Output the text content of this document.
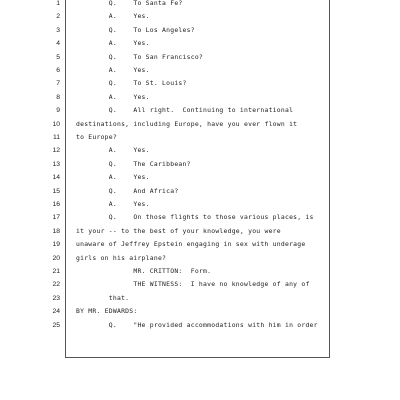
1	Q.    To Santa Fe?
2	A.    Yes.
3	Q.    To Los Angeles?
4	A.    Yes.
5	Q.    To San Francisco?
6	A.    Yes.
7	Q.    To St. Louis?
8	A.    Yes.
9	Q.    All right.  Continuing to international
10	destinations, including Europe, have you ever flown it
11	to Europe?
12	A.    Yes.
13	Q.    The Caribbean?
14	A.    Yes.
15	Q.    And Africa?
16	A.    Yes.
17	Q.    On those flights to those various places, is
18	it your -- to the best of your knowledge, you were
19	unaware of Jeffrey Epstein engaging in sex with underage
20	girls on his airplane?
21	MR. CRITTON:  Form.
22	THE WITNESS:  I have no knowledge of any of
23	that.
24	BY MR. EDWARDS:
25	Q.    "He provided accommodations with him in order
